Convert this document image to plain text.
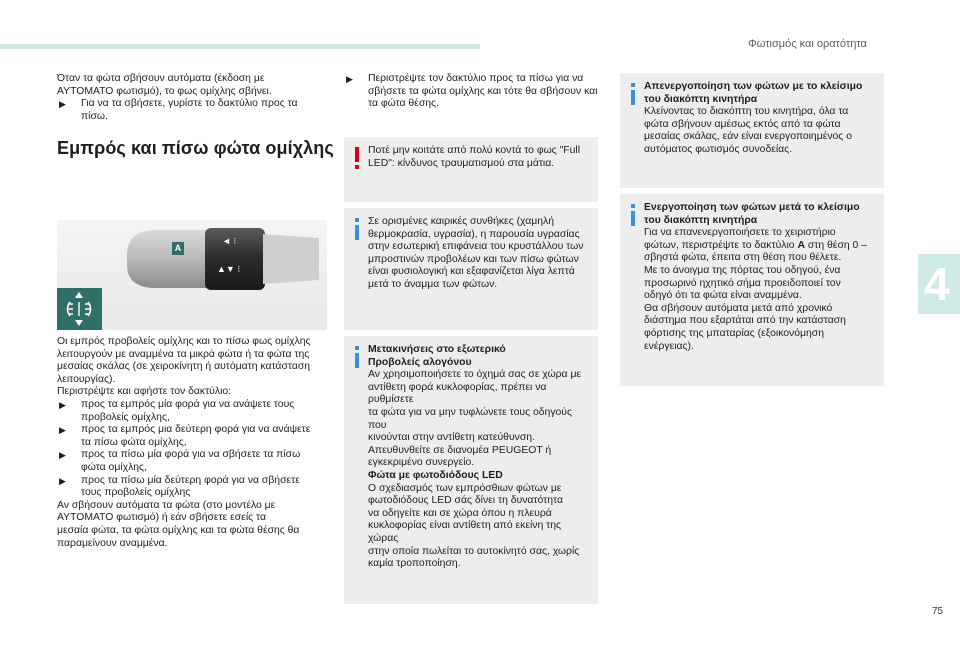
Φωτισμός και ορατότητα
4
75

Όταν τα φώτα σβήσουν αυτόματα (έκδοση με

ΑΥΤΟΜΑΤΟ φωτισμό), το φως ομίχλης σβήνει.

▶ Για να τα σβήσετε, γυρίστε το δακτύλιο προς τα

πίσω.

Εμπρός και πίσω φώτα ομίχλης
◄ ⁝
▲▼ ⁝
A

Οι εμπρός προβολείς ομίχλης και το πίσω φως ομίχλης

λειτουργούν με αναμμένα τα μικρά φώτα ή τα φώτα της

μεσαίας σκάλας (σε χειροκίνητη ή αυτόματη κατάσταση

λειτουργίας).

Περιστρέψτε και αφήστε τον δακτύλιο:

▶ προς τα εμπρός μία φορά για να ανάψετε τους

προβολείς ομίχλης,

▶ προς τα εμπρός μια δεύτερη φορά για να ανάψετε

τα πίσω φώτα ομίχλης,

▶ προς τα πίσω μία φορά για να σβήσετε τα πίσω

φώτα ομίχλης,

▶ προς τα πίσω μία δεύτερη φορά για να σβήσετε

τους προβολείς ομίχλης

Αν σβήσουν αυτόματα τα φώτα (στο μοντέλο με

ΑΥΤΟΜΑΤΟ φωτισμό) ή εάν σβήσετε εσείς τα

μεσαία φώτα, τα φώτα ομίχλης και τα φώτα θέσης θα

παραμείνουν αναμμένα.

▶ Περιστρέψτε τον δακτύλιο προς τα πίσω για να

σβήσετε τα φώτα ομίχλης και τότε θα σβήσουν και

τα φώτα θέσης.

Ποτέ μην κοιτάτε από πολύ κοντά το φως "Full

LED": κίνδυνος τραυματισμού στα μάτια.

Σε ορισμένες καιρικές συνθήκες (χαμηλή

θερμοκρασία, υγρασία), η παρουσία υγρασίας

στην εσωτερική επιφάνεια του κρυστάλλου των

μπροστινών προβολέων και των πίσω φώτων

είναι φυσιολογική και εξαφανίζεται λίγα λεπτά

μετά το άναμμα των φώτων.

Μετακινήσεις στο εξωτερικό

Προβολείς αλογόνου

Αν χρησιμοποιήσετε το όχημά σας σε χώρα με

αντίθετη φορά κυκλοφορίας, πρέπει να ρυθμίσετε

τα φώτα για να μην τυφλώνετε τους οδηγούς που

κινούνται στην αντίθετη κατεύθυνση.

Απευθυνθείτε σε διανομέα PEUGEOT ή

εγκεκριμένο συνεργείο.

Φώτα με φωτοδιόδους LED

Ο σχεδιασμός των εμπρόσθιων φώτων με

φωτοδιόδους LED σάς δίνει τη δυνατότητα

να οδηγείτε και σε χώρα όπου η πλευρά

κυκλοφορίας είναι αντίθετη από εκείνη της χώρας

στην οποία πωλείται το αυτοκίνητό σας, χωρίς

καμία τροποποίηση.

Απενεργοποίηση των φώτων με το κλείσιμο

του διακόπτη κινητήρα

Κλείνοντας το διακόπτη του κινητήρα, όλα τα

φώτα σβήνουν αμέσως εκτός από τα φώτα

μεσαίας σκάλας, εάν είναι ενεργοποιημένος ο

αυτόματος φωτισμός συνοδείας.

Ενεργοποίηση των φώτων μετά το κλείσιμο

του διακόπτη κινητήρα

Για να επανενεργοποιήσετε το χειριστήριο

φώτων, περιστρέψτε το δακτύλιο A στη θέση 0 –

σβηστά φώτα, έπειτα στη θέση που θέλετε.

Με το άνοιγμα της πόρτας του οδηγού, ένα

προσωρινό ηχητικό σήμα προειδοποιεί τον

οδηγό ότι τα φώτα είναι αναμμένα.

Θα σβήσουν αυτόματα μετά από χρονικό

διάστημα που εξαρτάται από την κατάσταση

φόρτισης της μπαταρίας (εξοικονόμηση

ενέργειας).
